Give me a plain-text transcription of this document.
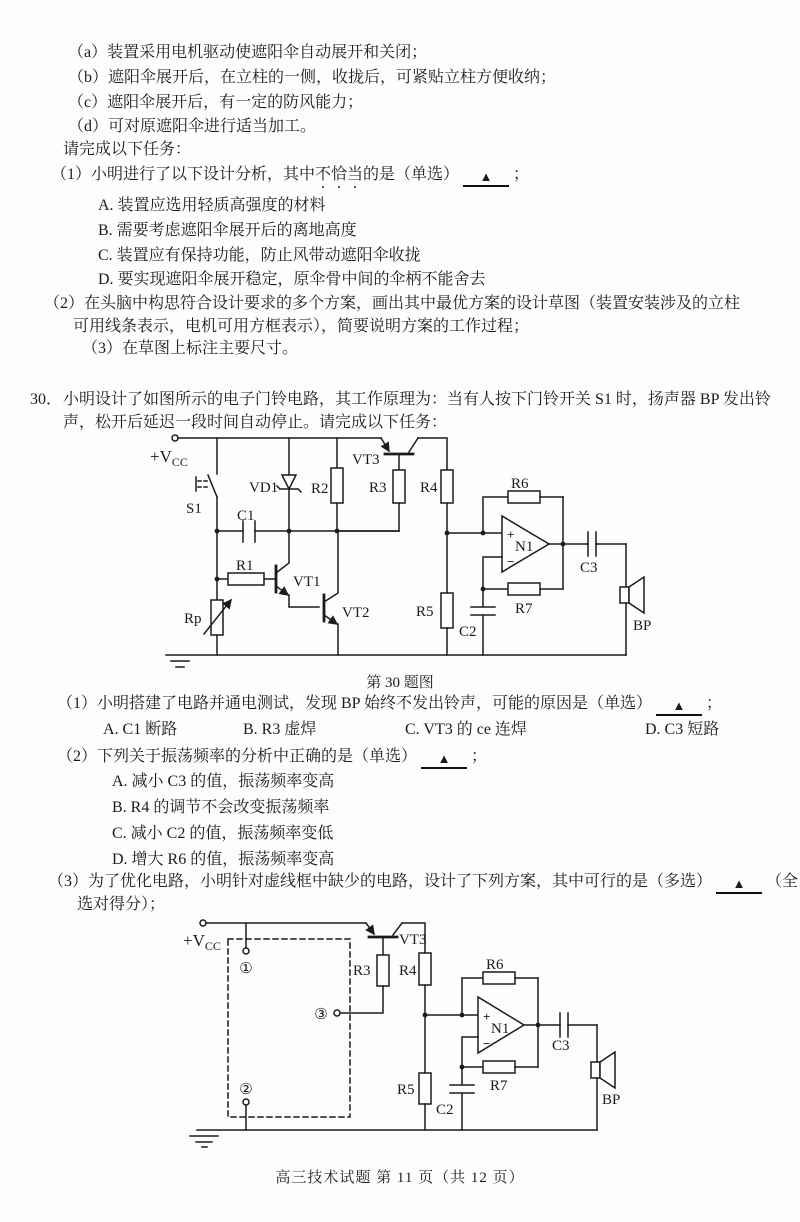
（a）装置采用电机驱动使遮阳伞自动展开和关闭；
（b）遮阳伞展开后，在立柱的一侧，收拢后，可紧贴立柱方便收纳；
（c）遮阳伞展开后，有一定的防风能力；
（d）可对原遮阳伞进行适当加工。
请完成以下任务：
（1）小明进行了以下设计分析，其中不恰当的是（单选） ▲ ；
A. 装置应选用轻质高强度的材料
B. 需要考虑遮阳伞展开后的离地高度
C. 装置应有保持功能，防止风带动遮阳伞收拢
D. 要实现遮阳伞展开稳定，原伞骨中间的伞柄不能舍去
（2）在头脑中构思符合设计要求的多个方案，画出其中最优方案的设计草图（装置安装涉及的立柱
可用线条表示，电机可用方框表示），简要说明方案的工作过程；
（3）在草图上标注主要尺寸。
30．小明设计了如图所示的电子门铃电路，其工作原理为：当有人按下门铃开关 S1 时，扬声器 BP 发出铃
声，松开后延迟一段时间自动停止。请完成以下任务：
$+V_{CC}$
S1 C1
VD1 R2
VT3
R3 R4
R1
VT1
VT2
Rp	R5
R6
R7
C2
C3
BP
+
−
N1
第 30 题图
（1）小明搭建了电路并通电测试，发现 BP 始终不发出铃声，可能的原因是（单选） ▲ ；
A. C1 断路	B. R3 虚焊	C. VT3 的 ce 连焊	D. C3 短路
（2）下列关于振荡频率的分析中正确的是（单选） ▲ ；
A. 减小 C3 的值，振荡频率变高
B. R4 的调节不会改变振荡频率
C. 减小 C2 的值，振荡频率变低
D. 增大 R6 的值，振荡频率变高
（3）为了优化电路，小明针对虚线框中缺少的电路，设计了下列方案，其中可行的是（多选） ▲ （全
选对得分）；
$+V_{CC}$	VT3
R3 R4
R5
R6
R7
C2
C3
BP
①
②
③	+
−
N1
高三技术试题 第 11 页（共 12 页）
